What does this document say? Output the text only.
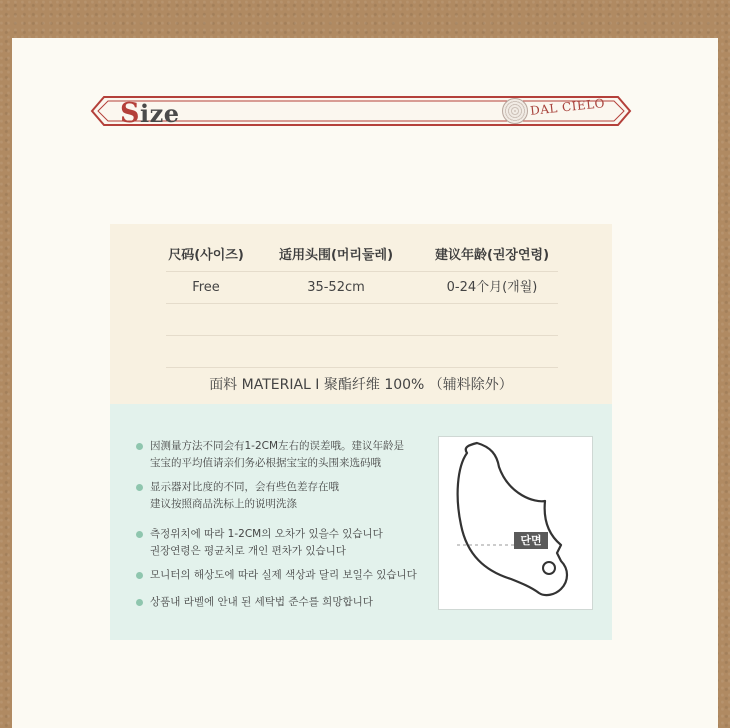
Size	DAL CIELO
尺码(사이즈)	适用头围(머리둘레)	建议年龄(권장연령)
Free	35-52cm	0-24个月(개월)
面料 MATERIAL I 聚酯纤维 100% （辅料除外）
因测量方法不同会有1-2CM左右的误差哦。建议年龄是
宝宝的平均值请亲们务必根据宝宝的头围来选码哦
显示器对比度的不同，会有些色差存在哦
建议按照商品洗标上的说明洗涤
측정위치에 따라 1-2CM의 오차가 있을수 있습니다
권장연령은 평균치로 개인 편차가 있습니다
모니터의 해상도에 따라 실제 색상과 달리 보일수 있습니다
상품내 라벨에 안내 된 세탁법 준수를 희망합니다
단면
